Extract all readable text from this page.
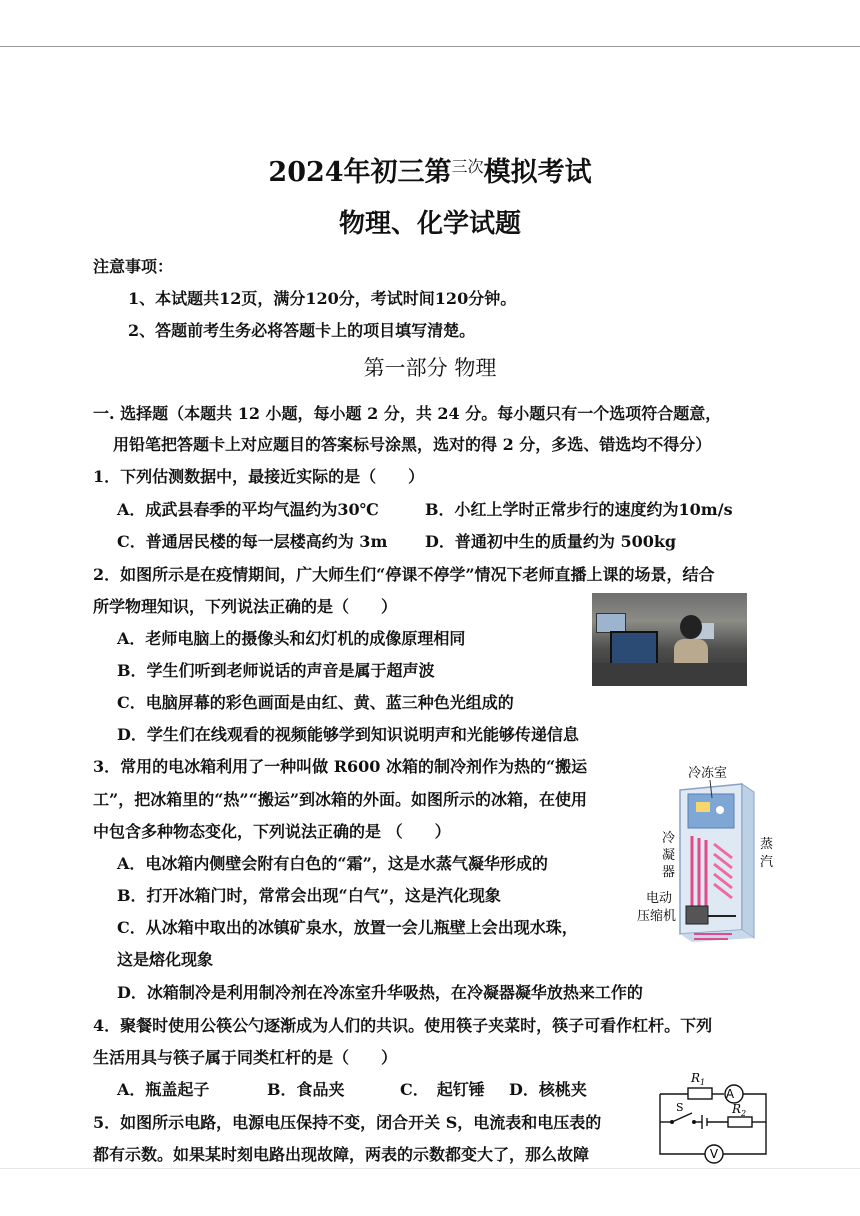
2024年初三第$^{三次}$模拟考试
物理、化学试题
注意事项：
1、本试题共12页，满分120分，考试时间120分钟。
2、答题前考生务必将答题卡上的项目填写清楚。
第一部分 物理
一. 选择题（本题共 12 小题，每小题 2 分，共 24 分。每小题只有一个选项符合题意，
用铅笔把答题卡上对应题目的答案标号涂黑，选对的得 2 分，多选、错选均不得分）
1．下列估测数据中，最接近实际的是（　　）
A．成武县春季的平均气温约为30℃	B．小红上学时正常步行的速度约为10m/s
C．普通居民楼的每一层楼高约为 3m D．普通初中生的质量约为 500kg
2．如图所示是在疫情期间，广大师生们“停课不停学”情况下老师直播上课的场景，结合
所学物理知识，下列说法正确的是（　　）
A．老师电脑上的摄像头和幻灯机的成像原理相同
B．学生们听到老师说话的声音是属于超声波
C．电脑屏幕的彩色画面是由红、黄、蓝三种色光组成的
D．学生们在线观看的视频能够学到知识说明声和光能够传递信息
3．常用的电冰箱利用了一种叫做 R600 冰箱的制冷剂作为热的“搬运
工”，把冰箱里的“热”“搬运”到冰箱的外面。如图所示的冰箱，在使用
中包含多种物态变化，下列说法正确的是 （　　）
A．电冰箱内侧壁会附有白色的“霜”，这是水蒸气凝华形成的
B．打开冰箱门时，常常会出现“白气”，这是汽化现象
C．从冰箱中取出的冰镇矿泉水，放置一会儿瓶壁上会出现水珠，
这是熔化现象
D．冰箱制冷是利用制冷剂在冷冻室升华吸热，在冷凝器凝华放热来工作的
冷冻室
冷
凝
器
蒸
汽
电动
压缩机
4．聚餐时使用公筷公勺逐渐成为人们的共识。使用筷子夹菜时，筷子可看作杠杆。下列
生活用具与筷子属于同类杠杆的是（　　）
A．瓶盖起子	B．食品夹	C．　起钉锤 D．核桃夹
5．如图所示电路，电源电压保持不变，闭合开关 S，电流表和电压表的
都有示数。如果某时刻电路出现故障，两表的示数都变大了，那么故障
$R_1$
A
S	$R_2$
V
